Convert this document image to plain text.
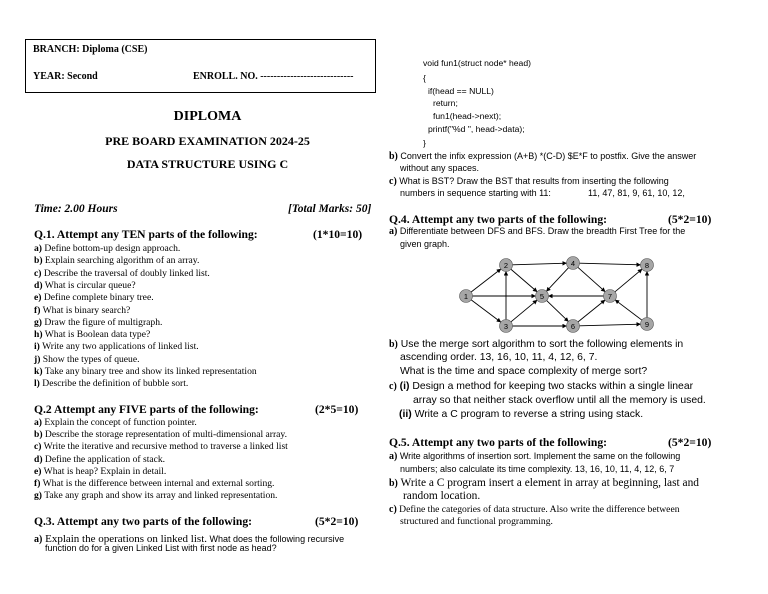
BRANCH: Diploma (CSE)
YEAR: Second	ENROLL. NO. ----------------------------
DIPLOMA
PRE BOARD EXAMINATION 2024-25
DATA STRUCTURE USING C
Time: 2.00 Hours	[Total Marks: 50]
Q.1. Attempt any TEN parts of the following:	(1*10=10)
a) Define bottom-up design approach.
b) Explain searching algorithm of an array.
c) Describe the traversal of doubly linked list.
d) What is circular queue?
e) Define complete binary tree.
f) What is binary search?
g) Draw the figure of multigraph.
h) What is Boolean data type?
i) Write any two applications of linked list.
j) Show the types of queue.
k) Take any binary tree and show its linked representation
l) Describe the definition of bubble sort.
Q.2 Attempt any FIVE parts of the following:	(2*5=10)
a) Explain the concept of function pointer.
b) Describe the storage representation of multi-dimensional array.
c) Write the iterative and recursive method to traverse a linked list
d) Define the application of stack.
e) What is heap? Explain in detail.
f) What is the difference between internal and external sorting.
g) Take any graph and show its array and linked representation.
Q.3. Attempt any two parts of the following:	(5*2=10)
a) Explain the operations on linked list. What does the following recursive
function do for a given Linked List with first node as head?
void fun1(struct node* head)
{
if(head == NULL)
return;
fun1(head->next);
printf("%d ", head->data);
}
b) Convert the infix expression (A+B) *(C-D) $E*F to postfix. Give the answer
without any spaces.
c) What is BST? Draw the BST that results from inserting the following
numbers in sequence starting with 11:	11, 47, 81, 9, 61, 10, 12,
Q.4. Attempt any two parts of the following:	(5*2=10)
a) Differentiate between DFS and BFS. Draw the breadth First Tree for the
given graph.
1
2
3
4
5
6
7
8
9
b) Use the merge sort algorithm to sort the following elements in
ascending order. 13, 16, 10, 11, 4, 12, 6, 7.
What is the time and space complexity of merge sort?
c) (i) Design a method for keeping two stacks within a single linear
array so that neither stack overflow until all the memory is used.
(ii) Write a C program to reverse a string using stack.
Q.5. Attempt any two parts of the following:	(5*2=10)
a) Write algorithms of insertion sort. Implement the same on the following
numbers; also calculate its time complexity. 13, 16, 10, 11, 4, 12, 6, 7
b) Write a C program insert a element in array at beginning, last and
random location.
c) Define the categories of data structure. Also write the difference between
structured and functional programming.
